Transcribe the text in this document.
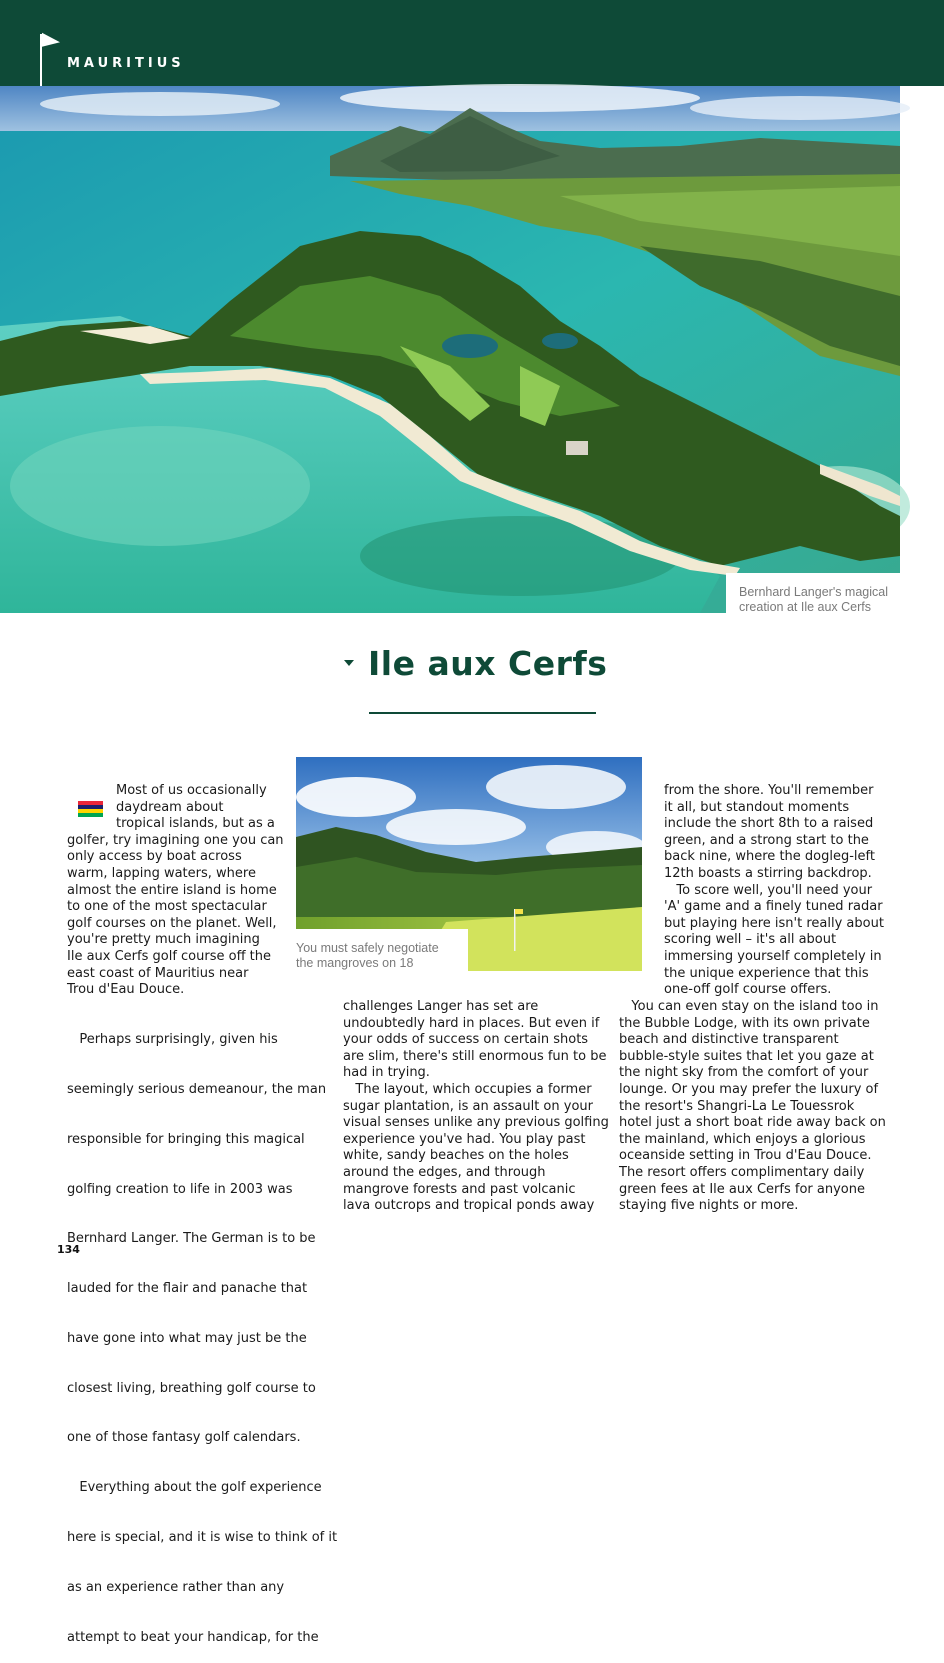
MAURITIUS
Bernhard Langer's magical
creation at Ile aux Cerfs
Ile aux Cerfs
You must safely negotiate
the mangroves on 18

Most of us occasionally

daydream about

tropical islands, but as a

golfer, try imagining one you can

only access by boat across

warm, lapping waters, where

almost the entire island is home

to one of the most spectacular

golf courses on the planet. Well,

you're pretty much imagining

Ile aux Cerfs golf course off the

east coast of Mauritius near

Trou d'Eau Douce.

Perhaps surprisingly, given his

seemingly serious demeanour, the man

responsible for bringing this magical

golfing creation to life in 2003 was

Bernhard Langer. The German is to be

lauded for the flair and panache that

have gone into what may just be the

closest living, breathing golf course to

one of those fantasy golf calendars.

Everything about the golf experience

here is special, and it is wise to think of it

as an experience rather than any

attempt to beat your handicap, for the

challenges Langer has set are

undoubtedly hard in places. But even if

your odds of success on certain shots

are slim, there's still enormous fun to be

had in trying.

The layout, which occupies a former

sugar plantation, is an assault on your

visual senses unlike any previous golfing

experience you've had. You play past

white, sandy beaches on the holes

around the edges, and through

mangrove forests and past volcanic

lava outcrops and tropical ponds away

from the shore. You'll remember

it all, but standout moments

include the short 8th to a raised

green, and a strong start to the

back nine, where the dogleg-left

12th boasts a stirring backdrop.

To score well, you'll need your

'A' game and a finely tuned radar

but playing here isn't really about

scoring well – it's all about

immersing yourself completely in

the unique experience that this

one-off golf course offers.

You can even stay on the island too in

the Bubble Lodge, with its own private

beach and distinctive transparent

bubble-style suites that let you gaze at

the night sky from the comfort of your

lounge. Or you may prefer the luxury of

the resort's Shangri-La Le Touessrok

hotel just a short boat ride away back on

the mainland, which enjoys a glorious

oceanside setting in Trou d'Eau Douce.

The resort offers complimentary daily

green fees at Ile aux Cerfs for anyone

staying five nights or more.

134
